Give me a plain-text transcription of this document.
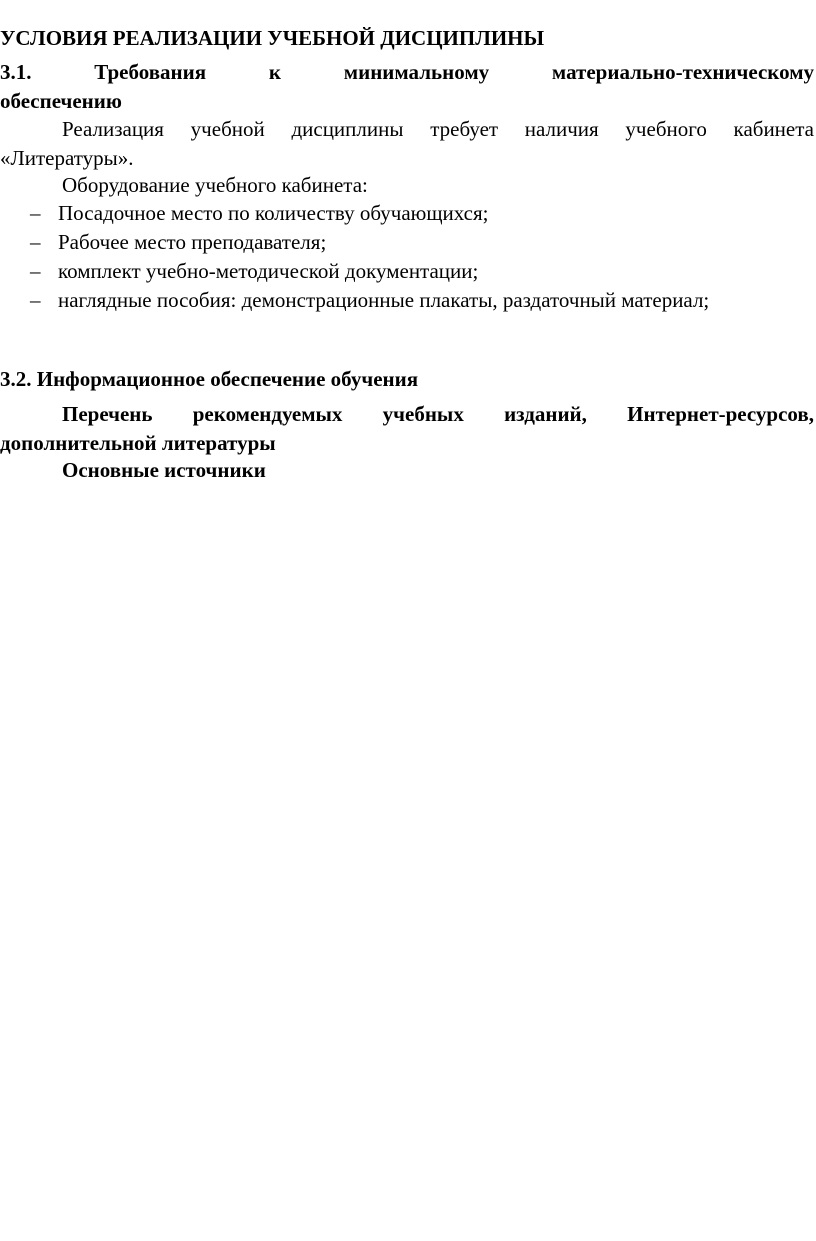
УСЛОВИЯ РЕАЛИЗАЦИИ УЧЕБНОЙ ДИСЦИПЛИНЫ
3.1. Требования к минимальному материально-техническому
обеспечению
Реализация учебной дисциплины требует наличия учебного кабинета
«Литературы».
Оборудование учебного кабинета:
– Посадочное место по количеству обучающихся;
– Рабочее место преподавателя;
– комплект учебно-методической документации;
– наглядные пособия: демонстрационные плакаты, раздаточный материал;
3.2. Информационное обеспечение обучения
Перечень рекомендуемых учебных изданий, Интернет-ресурсов,
дополнительной литературы
Основные источники
